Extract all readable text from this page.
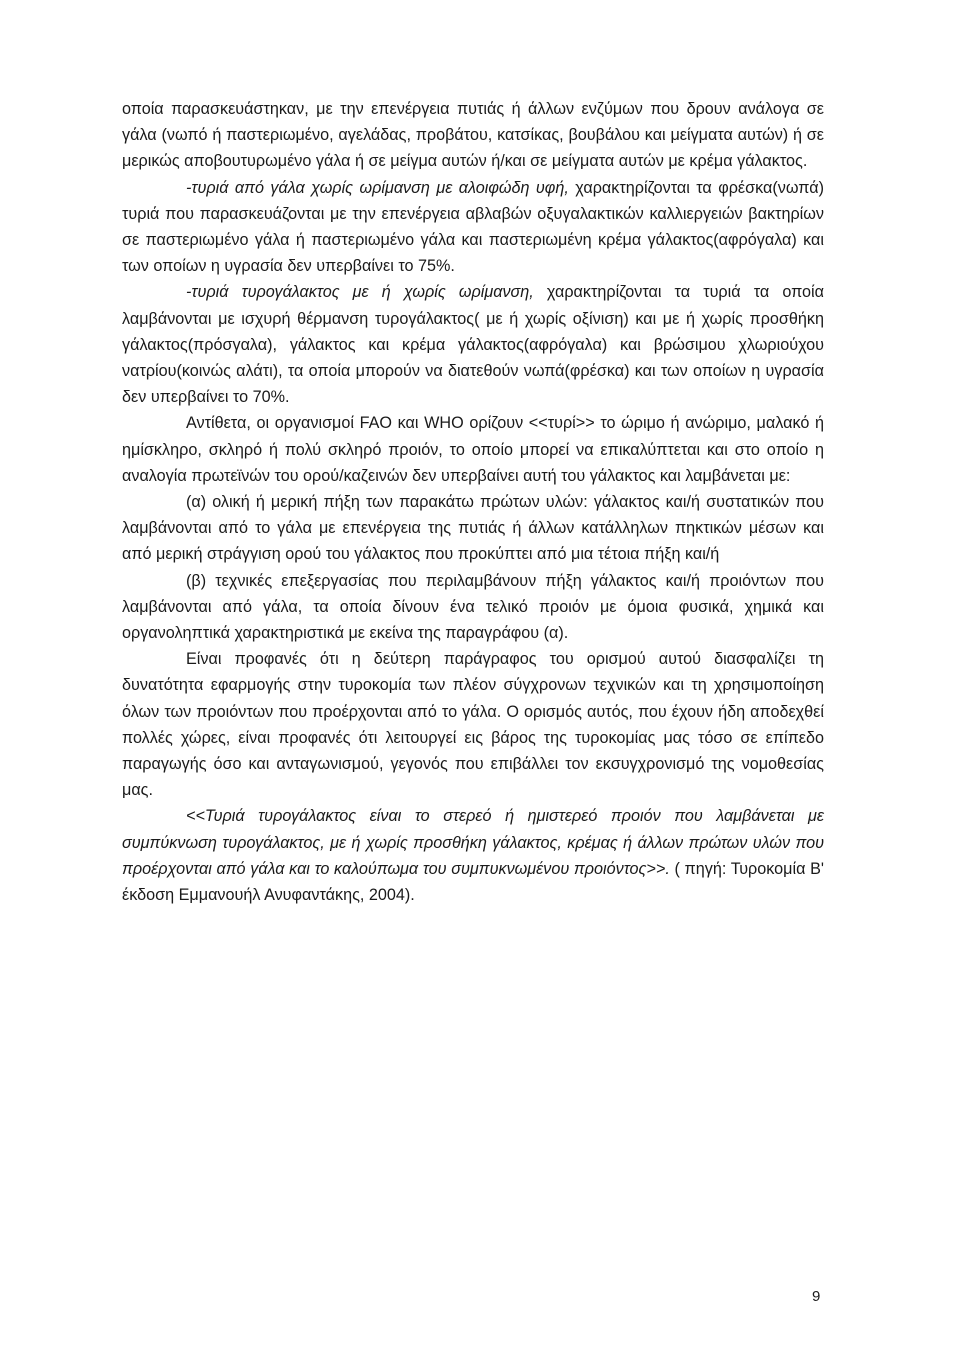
οποία παρασκευάστηκαν, με την επενέργεια πυτιάς ή άλλων ενζύμων που δρουν ανάλογα σε γάλα (νωπό ή παστεριωμένο, αγελάδας, προβάτου, κατσίκας, βουβάλου και μείγματα αυτών) ή σε μερικώς αποβουτυρωμένο γάλα ή σε μείγμα αυτών ή/και σε μείγματα αυτών με κρέμα γάλακτος.

-τυριά από γάλα χωρίς ωρίμανση με αλοιφώδη υφή, χαρακτηρίζονται τα φρέσκα(νωπά) τυριά που παρασκευάζονται με την επενέργεια αβλαβών οξυγαλακτικών καλλιεργειών βακτηρίων σε παστεριωμένο γάλα ή παστεριωμένο γάλα και παστεριωμένη κρέμα γάλακτος(αφρόγαλα) και των οποίων η υγρασία δεν υπερβαίνει το 75%.

-τυριά τυρογάλακτος με ή χωρίς ωρίμανση, χαρακτηρίζονται τα τυριά τα οποία λαμβάνονται με ισχυρή θέρμανση τυρογάλακτος( με ή χωρίς οξίνιση) και με ή χωρίς προσθήκη γάλακτος(πρόσγαλα), γάλακτος και κρέμα γάλακτος(αφρόγαλα) και βρώσιμου χλωριούχου νατρίου(κοινώς αλάτι), τα οποία μπορούν να διατεθούν νωπά(φρέσκα) και των οποίων η υγρασία δεν υπερβαίνει το 70%.

Αντίθετα, οι οργανισμοί FAO και WHO ορίζουν <<τυρί>> το ώριμο ή ανώριμο, μαλακό ή ημίσκληρο, σκληρό ή πολύ σκληρό προιόν, το οποίο μπορεί να επικαλύπτεται και στο οποίο η αναλογία πρωτεϊνών του ορού/καζεινών δεν υπερβαίνει αυτή του γάλακτος και λαμβάνεται με:

(α) ολική ή μερική πήξη των παρακάτω πρώτων υλών: γάλακτος και/ή συστατικών που λαμβάνονται από το γάλα με επενέργεια της πυτιάς ή άλλων κατάλληλων πηκτικών μέσων και από μερική στράγγιση ορού του γάλακτος που προκύπτει από μια τέτοια πήξη και/ή

(β) τεχνικές επεξεργασίας που περιλαμβάνουν πήξη γάλακτος και/ή προιόντων που λαμβάνονται από γάλα, τα οποία δίνουν ένα τελικό προιόν με όμοια φυσικά, χημικά και οργανοληπτικά χαρακτηριστικά με εκείνα της παραγράφου (α).

Είναι προφανές ότι η δεύτερη παράγραφος του ορισμού αυτού διασφαλίζει τη δυνατότητα εφαρμογής στην τυροκομία των πλέον σύγχρονων τεχνικών και τη χρησιμοποίηση όλων των προιόντων που προέρχονται από το γάλα. Ο ορισμός αυτός, που έχουν ήδη αποδεχθεί πολλές χώρες, είναι προφανές ότι λειτουργεί εις βάρος της τυροκομίας μας τόσο σε επίπεδο παραγωγής όσο και ανταγωνισμού, γεγονός που επιβάλλει τον εκσυγχρονισμό της νομοθεσίας μας.

<<Τυριά τυρογάλακτος είναι το στερεό ή ημιστερεό προιόν που λαμβάνεται με συμπύκνωση τυρογάλακτος, με ή χωρίς προσθήκη γάλακτος, κρέμας ή άλλων πρώτων υλών που προέρχονται από γάλα και το καλούπωμα του συμπυκνωμένου προιόντος>>. ( πηγή: Τυροκομία Β' έκδοση Εμμανουήλ Ανυφαντάκης, 2004).

9
